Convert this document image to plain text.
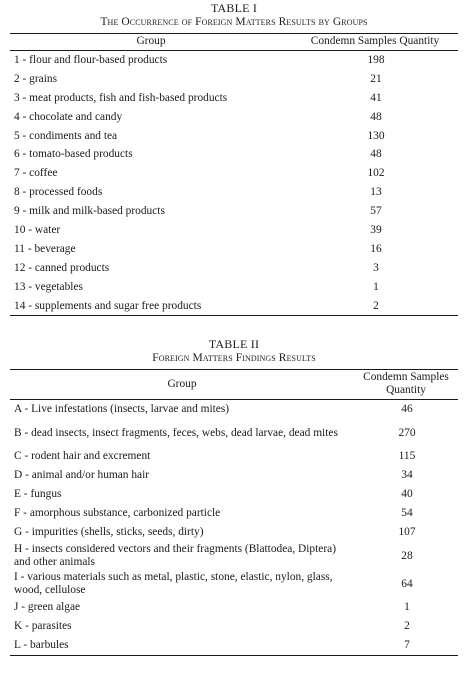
TABLE I
The Occurrence of Foreign Matters Results by Groups
Group	Condemn Samples Quantity
1 - flour and flour-based products	198
2 - grains	21
3 - meat products, fish and fish-based products	41
4 - chocolate and candy	48
5 - condiments and tea	130
6 - tomato-based products	48
7 - coffee	102
8 - processed foods	13
9 - milk and milk-based products	57
10 - water	39
11 - beverage	16
12 - canned products	3
13 - vegetables	1
14 - supplements and sugar free products	2
TABLE II
Foreign Matters Findings Results
Group	Condemn Samples Quantity
A - Live infestations (insects, larvae and mites)	46
B - dead insects, insect fragments, feces, webs, dead larvae, dead mites	270
C - rodent hair and excrement	115
D - animal and/or human hair	34
E - fungus	40
F - amorphous substance, carbonized particle	54
G - impurities (shells, sticks, seeds, dirty)	107
H - insects considered vectors and their fragments (Blattodea, Diptera) and other animals	28
I - various materials such as metal, plastic, stone, elastic, nylon, glass, wood, cellulose	64
J - green algae	1
K - parasites	2
L - barbules	7
